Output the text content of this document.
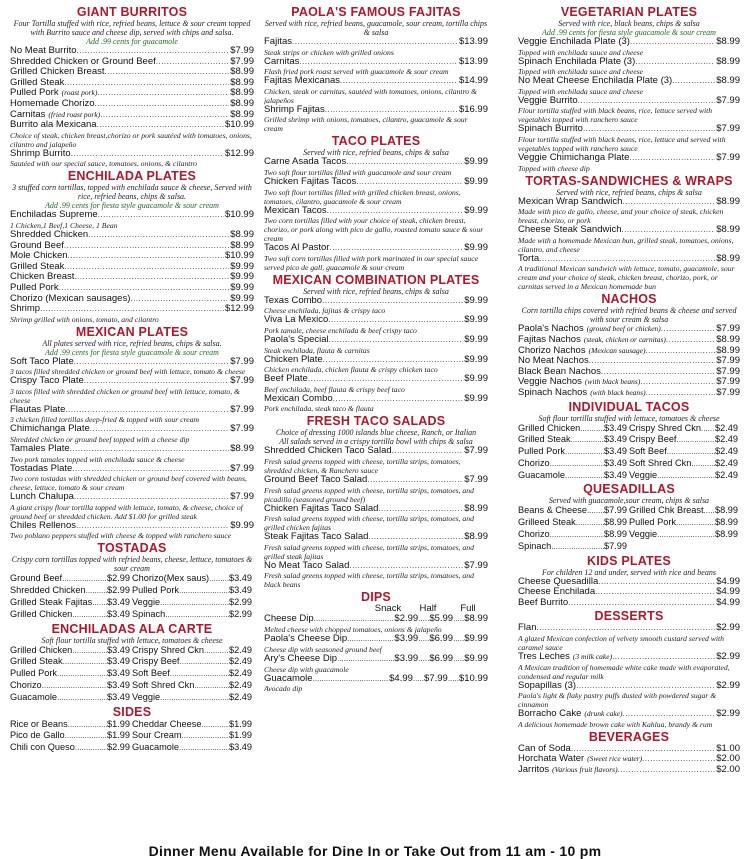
GIANT BURRITOS
Four Tortilla stuffed with rice, refried beans, lettuce & sour cream topped with Burrito sauce and cheese dip, served with chips and salsa.
Add .99 cents for guacamole
No Meat Burrito .....	$7.99
Shredded Chicken or Ground Beef .....	$7.99
Grilled Chicken Breast .....	$8.99
Grilled Steak .....	$8.99
Pulled Pork (roast pork) .....	$8.99
Homemade Chorizo .....	$8.99
Carnitas (fried roast pork) .....	$8.99
Burrito ala Mexicana .....	$10.99
Choice of steak, chicken breast,chorizo or pork sautéed with tomatoes, onions, cilantro and jalapeño
Shrimp Burrito .....	$12.99
Sautéed with our special sauce, tomatoes, onions, & cilantro
ENCHILADA PLATES
3 stuffed corn tortillas, topped with enchilada sauce & cheese, Served with rice, refried beans, chips & salsa.
Add .99 cents for fiesta style guacamole & sour cream
Enchiladas Supreme .....	$10.99
1 Chicken,1 Beef,1 Cheese, 1 Bean
Shredded Chicken .....	$8.99
Ground Beef .....	$8.99
Mole Chicken .....	$10.99
Grilled Steak .....	$9.99
Chicken Breast .....	$9.99
Pulled Pork .....	$9.99
Chorizo (Mexican sausages) .....	$9.99
Shrimp .....	$12.99
Shrimp grilled with onions, tomato, and cilantro
MEXICAN PLATES
All plates served with rice, refried beans, chips & salsa.
Add .99 cents for fiesta style guacamole & sour cream
Soft Taco Plate .....	$7.99
3 tacos filled shredded chicken or ground beef with lettuce, tomato & cheese
Crispy Taco Plate .....	$7.99
3 tacos filled with shredded chicken or ground beef with lettuce, tomato, & cheese
Flautas Plate .....	$7.99
3 chicken filled tortillas deep-fried & topped with sour cream
Chimichanga Plate .....	$7.99
Shredded chicken or ground beef topped with a cheese dip
Tamales Plate .....	$8.99
Two pork tamales topped with enchilada sauce & cheese
Tostadas Plate .....	$7.99
Two corn tostadas with shredded chicken or ground beef covered with beans, cheese, lettuce, tomato & sour cream
Lunch Chalupa .....	$7.99
A giant crispy flour tortilla topped with lettuce, tomato, & cheese, choice of ground beef or shredded chicken. Add $1.00 for grilled steak
Chiles Rellenos .....	$9.99
Two poblano peppers stuffed with cheese & topped with ranchero sauce
TOSTADAS
Crispy corn tortillas topped with refried beans, cheese, lettuce, tomatoes & sour cream
Ground Beef .....	$2.99 Chorizo (Mex saus) ..... $3.49
Shredded Chicken ..... $2.99 Pulled Pork .....	$3.49
Grilled Steak Fajitas ..... $3.49 Veggie .....	$2.99
Grilled Chicken .....	$3.49 Spinach .....	$2.99
ENCHILADAS ALA CARTE
Soft flour tortilla stuffed with lettuce, tomatoes & cheese
Grilled Chicken .....	$3.49 Crispy Shred Ckn .....	$2.49
Grilled Steak .....	$3.49 Crispy Beef .....	$2.49
Pulled Pork .....	$3.49 Soft Beef .....	$2.49
Chorizo .....	$3.49 Soft Shred Ckn .....	$2.49
Guacamole .....	$3.49 Veggie .....	$2.49
SIDES
Rice or Beans .....	$1.99 Cheddar Cheese .....	$1.99
Pico de Gallo .....	$1.99 Sour Cream .....	$1.99
Chili con Queso .....	$2.99 Guacamole .....	$3.49
PAOLA'S FAMOUS FAJITAS
Served with rice, refried beans, guacamole, sour cream, tortilla chips & salsa
Fajitas .....	$13.99
Steak strips or chicken with grilled onions
Carnitas .....	$13.99
Flash fried pork roast served with guacamole & sour cream
Fajitas Mexicanas .....	$14.99
Chicken, steak or carnitas, sautéed with tomatoes, onions, cilantro & jalapeños
Shrimp Fajitas .....	$16.99
Grilled shrimp with onions, tomatoes, cilantro, guacamole & sour cream
TACO PLATES
Served with rice, refried beans, chips & salsa
Carne Asada Tacos .....	$9.99
Two soft flour tortillas filled with guacamole and sour cream
Chicken Fajitas Tacos .....	$9.99
Two soft flour tortillas filled with grilled chicken breast, onions, tomatoes, cilantro, guacamole & sour cream
Mexican Tacos .....	$9.99
Two corn tortillas filled with your choice of steak, chicken breast, chorizo, or pork along with pico de gallo, roasted tomato sauce & sour cream
Tacos Al Pastor .....	$9.99
Two soft corn tortillas filled with pork marinated in our special sauce served pico de gall, guacamole & sour cream
MEXICAN COMBINATION PLATES
Served with rice, refried beans, chips & salsa
Texas Combo .....	$9.99
Cheese enchilada, fajitas & crispy taco
Viva La Mexico .....	$9.99
Pork tamale, cheese enchilada & beef crispy taco
Paola's Special .....	$9.99
Steak enchilada, flauta & carnitas
Chicken Plate .....	$9.99
Chicken enchilada, chicken flauta & crispy chicken taco
Beef Plate .....	$9.99
Beef enchilada, beef flauta & crispy beef taco
Mexican Combo .....	$9.99
Pork enchilada, steak taco & flauta
FRESH TACO SALADS
Choice of dressing 1000 islands blue cheese, Ranch, or Italian
All salads served in a crispy tortilla bowl with chips & salsa
Shredded Chicken Taco Salad .....	$7.99
Fresh salad greens topped with cheese, tortilla strips, tomatoes, shredded chicken, & Ranchero sauce
Ground Beef Taco Salad .....	$7.99
Fresh salad greens topped with cheese, tortilla strips, tomatoes, and picadillo (seasoned ground beef)
Chicken Fajitas Taco Salad .....	$8.99
Fresh salad greens topped with cheese, tortilla strips, tomatoes, and grilled chicken fajitas
Steak Fajitas Taco Salad .....	$8.99
Fresh salad greens topped with cheese, tortilla strips, tomatoes, and grilled steak fajitas
No Meat Taco Salad .....	$7.99
Fresh salad greens topped with cheese, tortilla strips, tomatoes, and black beans
DIPS
Snack	Half	Full
Cheese Dip .....	$2.99 ..... $5.99 ..... $8.99
Melted cheese with chopped tomatoes, onions & jalapeño
Paola's Cheese Dip .....	$3.99 ..... $6.99 ..... $9.99
Cheese dip with seasoned ground beef
Ary's Cheese Dip .....	$3.99 ..... $6.99 ..... $9.99
Cheese dip with guacamole
Guacamole .....	$4.99 ..... $7.99 ..... $10.99
Avocado dip
VEGETARIAN PLATES
Served with rice, black beans, chips & salsa
Add .99 cents for fiesta style guacamole & sour cream
Veggie Enchilada Plate (3) .....	$8.99
Topped with enchilada sauce and cheese
Spinach Enchilada Plate (3) .....	$8.99
Topped with enchilada sauce and cheese
No Meat Cheese Enchilada Plate (3) .....	$8.99
Topped with enchilada sauce and cheese
Veggie Burrito .....	$7.99
Flour tortilla stuffed with black beans, rice, lettuce served with vegetables topped with ranchero sauce
Spinach Burrito .....	$7.99
Flour tortilla stuffed with black beans, rice, lettuce and served with vegetables topped with ranchero sauce
Veggie Chimichanga Plate .....	$7.99
Topped with cheese dip
TORTAS-SANDWICHES & WRAPS
Served with rice, refried beans, chips & salsa
Mexican Wrap Sandwich .....	$8.99
Made with pico de gallo, cheese, and your choice of steak, chicken breast, chorizo, or pork
Cheese Steak Sandwich .....	$8.99
Made with a homemade Mexican bun, grilled steak, tomatoes, onions, cilantro, and cheese
Torta .....	$8.99
A traditional Mexican sandwich with lettuce, tomato, guacamole, sour cream and your choice of steak, chicken breast, chorizo, pork, or carnitas served in a Mexican homemade bun
NACHOS
Corn tortilla chips covered with refried beans & cheese and served with sour cream & salsa
Paola's Nachos (ground beef or chicken) .....	$7.99
Fajitas Nachos (steak, chicken or carnitas) .....	$8.99
Chorizo Nachos (Mexican sausage) .....	$8.99
No Meat Nachos .....	$7.99
Black Bean Nachos .....	$7.99
Veggie Nachos (with black beans) .....	$7.99
Spinach Nachos (with black beans) .....	$7.99
INDIVIDUAL TACOS
Soft flour tortilla stuffed with lettuce, tomatoes & cheese
Grilled Chicken .....	$3.49 Crispy Shred Ckn ..... $2.49
Grilled Steak .....	$3.49 Crispy Beef .....	$2.49
Pulled Pork .....	$3.49 Soft Beef .....	$2.49
Chorizo .....	$3.49 Soft Shred Ckn .....	$2.49
Guacamole .....	$3.49 Veggie .....	$2.49
QUESADILLAS
Served with guacamole,sour cream, chips & salsa
Beans & Cheese ..... $7.99 Grilled Chk Breast ..... $8.99
Grilleed Steak .....	$8.99 Pulled Pork .....	$8.99
Chorizo .....	$8.99 Veggie .....	$8.99
Spinach .....	$7.99
KIDS PLATES
For children 12 and under, served with rice and beans
Cheese Quesadilla .....	$4.99
Cheese Enchilada .....	$4.99
Beef Burrito .....	$4.99
DESSERTS
Flan .....	$2.99
A glazed Mexican confection of velvety smooth custard served with caramel sauce
Tres Leches (3 milk cake) .....	$2.99
A Mexican tradition of homemade white cake made with evaporated, condensed and regular milk
Sopapillas (3) .....	$2.99
Paola's light & flaky pastry puffs dusted with powdered sugar & cinnamon
Borracho Cake (drunk cake) .....	$2.99
A delicious homemade brown cake with Kahlua, brandy & rum
BEVERAGES
Can of Soda .....	$1.00
Horchata Water (Sweet rice water) .....	$2.00
Jarritos (Various fruit flavors) .....	$2.00
Dinner Menu Available for Dine In or Take Out from 11 am - 10 pm
